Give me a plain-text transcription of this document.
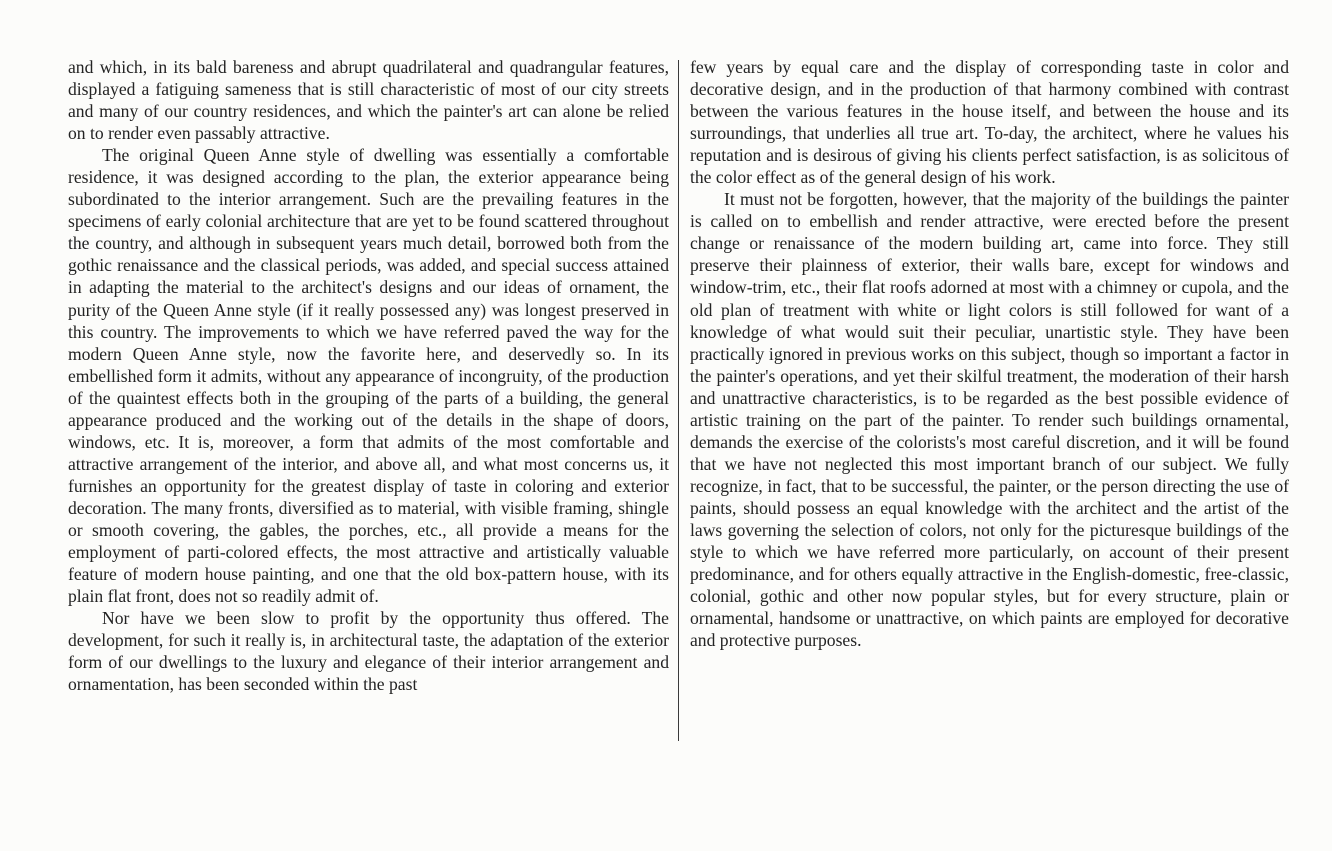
and which, in its bald bareness and abrupt quadrilateral and quadrangular features, displayed a fatiguing sameness that is still characteristic of most of our city streets and many of our country residences, and which the painter's art can alone be relied on to render even passably attractive.

The original Queen Anne style of dwelling was essentially a comfortable residence, it was designed according to the plan, the exterior appearance being subordinated to the interior arrangement. Such are the prevailing features in the specimens of early colonial architecture that are yet to be found scattered throughout the country, and although in subsequent years much detail, borrowed both from the gothic renaissance and the classical periods, was added, and special success attained in adapting the material to the architect's designs and our ideas of ornament, the purity of the Queen Anne style (if it really possessed any) was longest preserved in this country. The improvements to which we have referred paved the way for the modern Queen Anne style, now the favorite here, and deservedly so. In its embellished form it admits, without any appearance of incongruity, of the production of the quaintest effects both in the grouping of the parts of a building, the general appearance produced and the working out of the details in the shape of doors, windows, etc. It is, moreover, a form that admits of the most comfortable and attractive arrangement of the interior, and above all, and what most concerns us, it furnishes an opportunity for the greatest display of taste in coloring and exterior decoration. The many fronts, diversified as to material, with visible framing, shingle or smooth covering, the gables, the porches, etc., all provide a means for the employment of parti-colored effects, the most attractive and artistically valuable feature of modern house painting, and one that the old box-pattern house, with its plain flat front, does not so readily admit of.

Nor have we been slow to profit by the opportunity thus offered. The development, for such it really is, in architectural taste, the adaptation of the exterior form of our dwellings to the luxury and elegance of their interior arrangement and ornamentation, has been seconded within the past

few years by equal care and the display of corresponding taste in color and decorative design, and in the production of that harmony combined with contrast between the various features in the house itself, and between the house and its surroundings, that underlies all true art. To-day, the architect, where he values his reputation and is desirous of giving his clients perfect satisfaction, is as solicitous of the color effect as of the general design of his work.

It must not be forgotten, however, that the majority of the buildings the painter is called on to embellish and render attractive, were erected before the present change or renaissance of the modern building art, came into force. They still preserve their plainness of exterior, their walls bare, except for windows and window-trim, etc., their flat roofs adorned at most with a chimney or cupola, and the old plan of treatment with white or light colors is still followed for want of a knowledge of what would suit their peculiar, unartistic style. They have been practically ignored in previous works on this subject, though so important a factor in the painter's operations, and yet their skilful treatment, the moderation of their harsh and unattractive characteristics, is to be regarded as the best possible evidence of artistic training on the part of the painter. To render such buildings ornamental, demands the exercise of the colorists's most careful discretion, and it will be found that we have not neglected this most important branch of our subject. We fully recognize, in fact, that to be successful, the painter, or the person directing the use of paints, should possess an equal knowledge with the architect and the artist of the laws governing the selection of colors, not only for the picturesque buildings of the style to which we have referred more particularly, on account of their present predominance, and for others equally attractive in the English-domestic, free-classic, colonial, gothic and other now popular styles, but for every structure, plain or ornamental, handsome or unattractive, on which paints are employed for decorative and protective purposes.
